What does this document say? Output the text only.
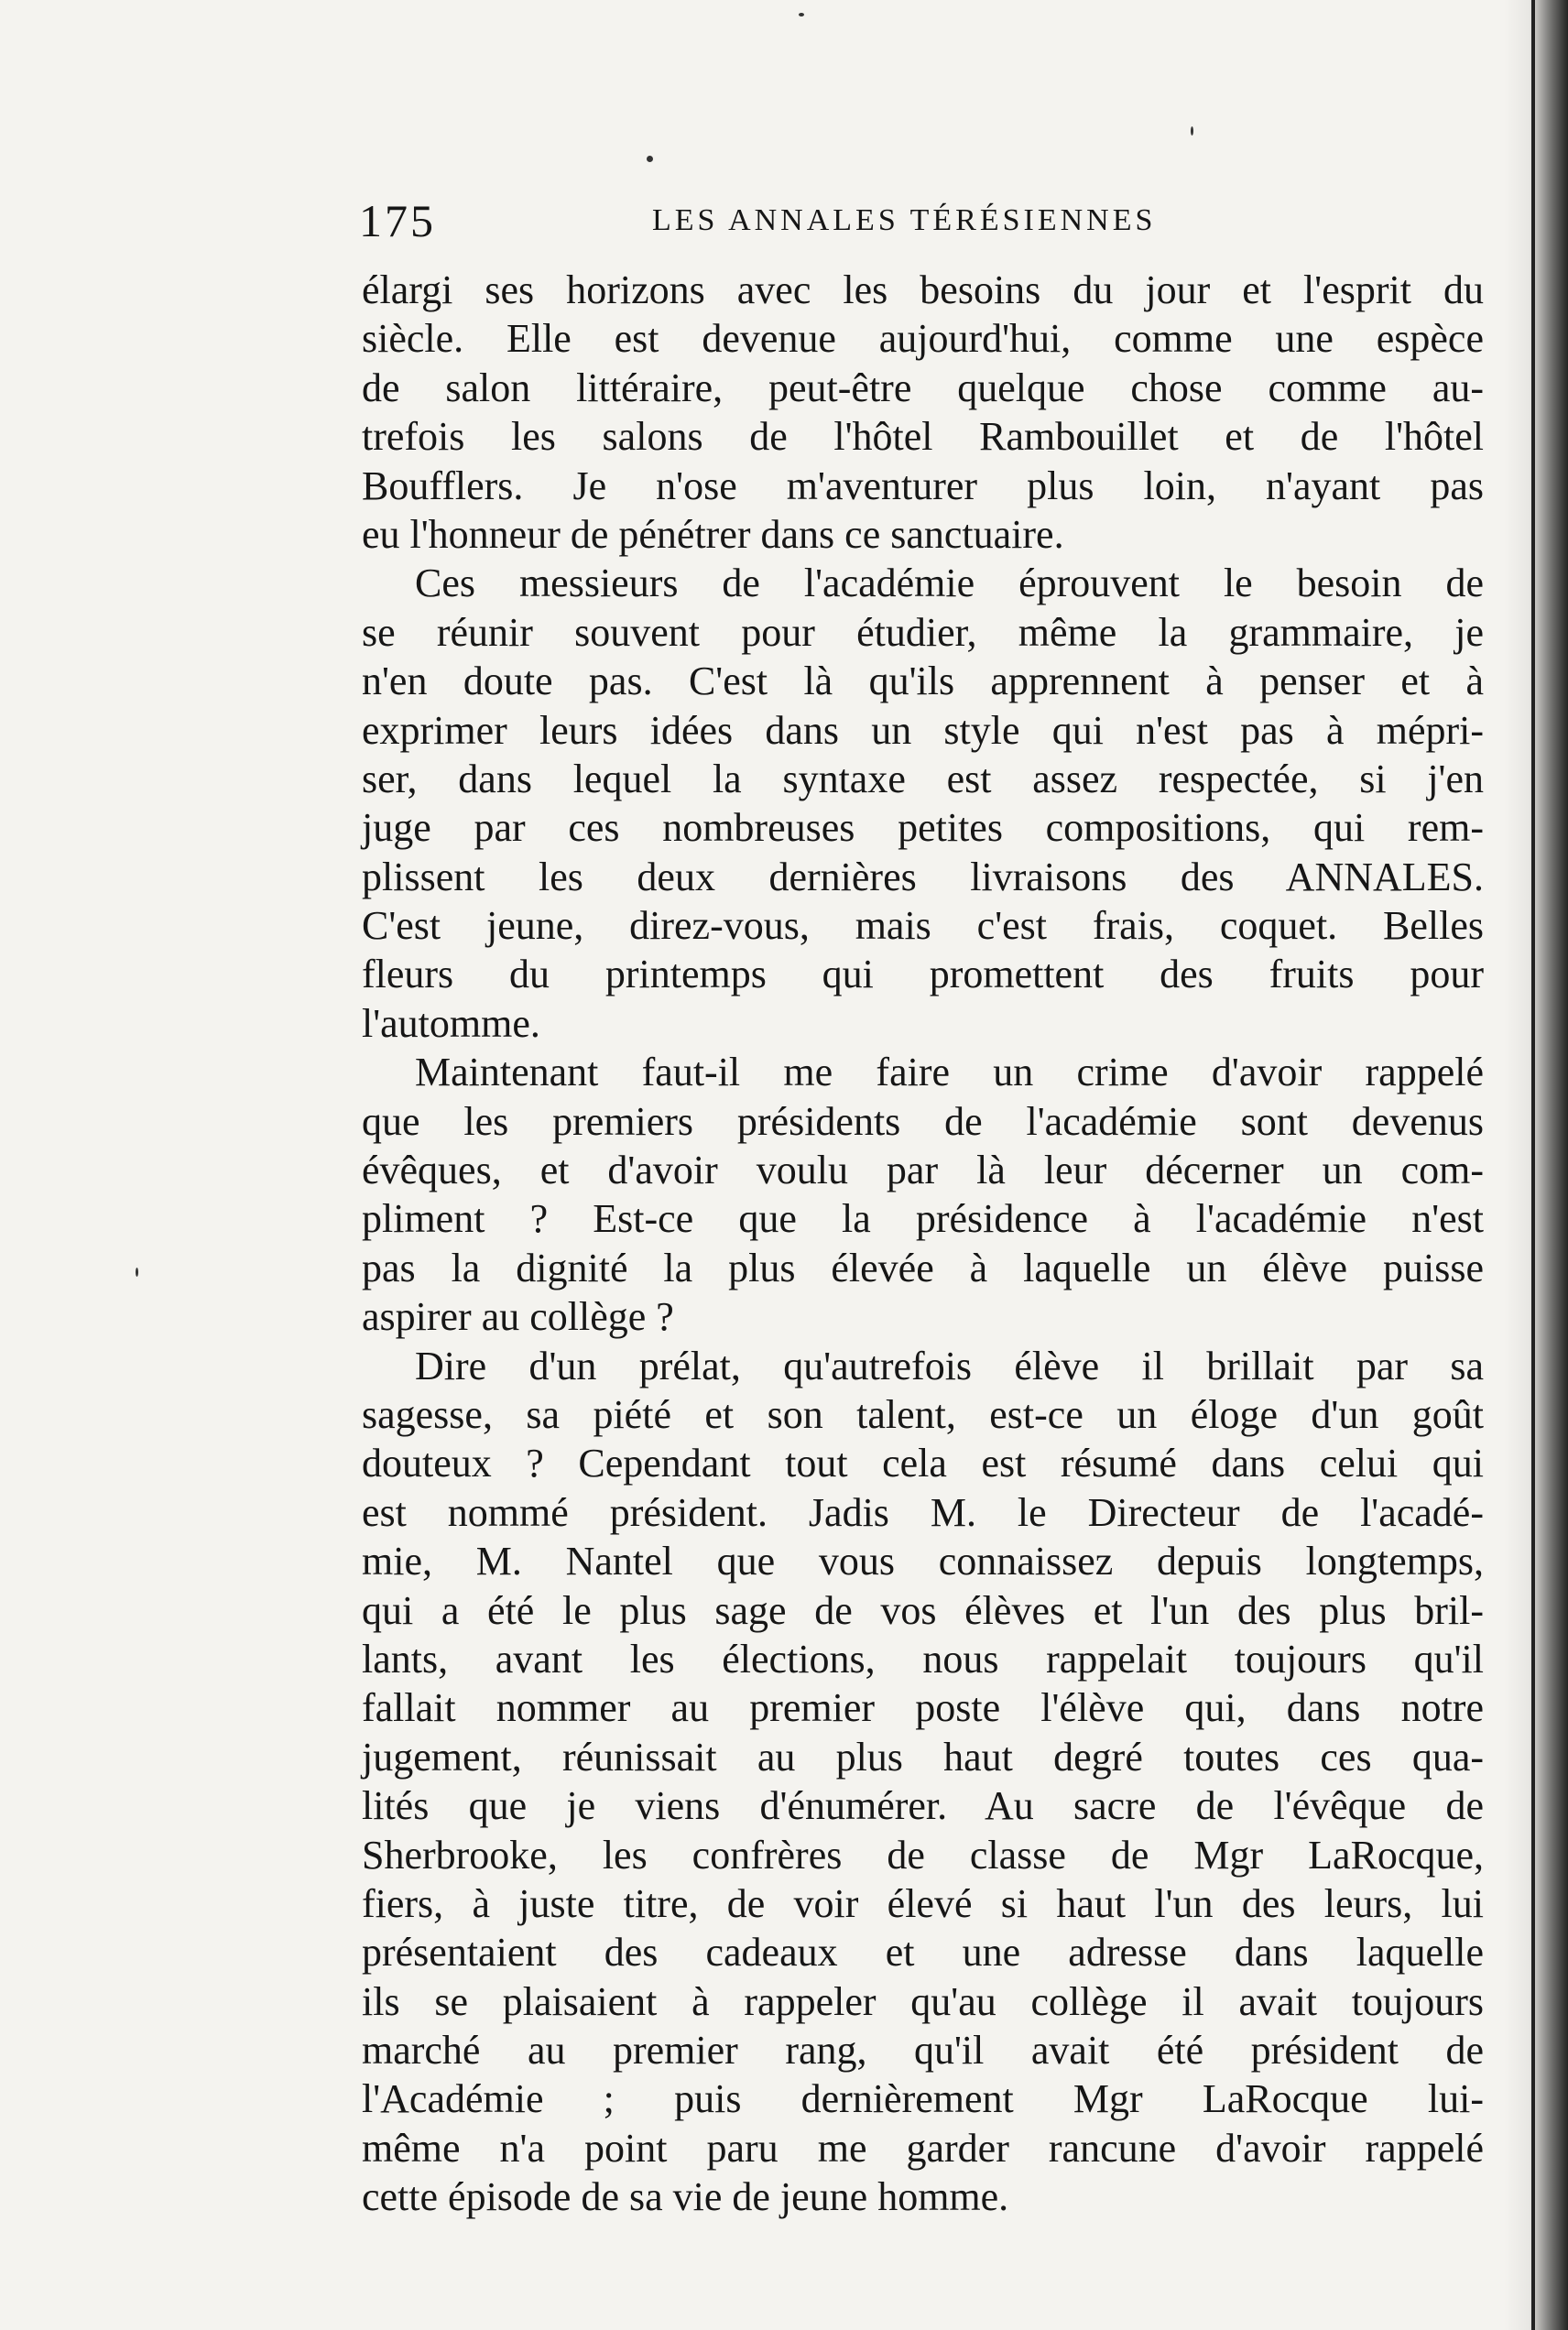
175	LES ANNALES TÉRÉSIENNES
élargi ses horizons avec les besoins du jour et l'esprit du
siècle. Elle est devenue aujourd'hui, comme une espèce
de salon littéraire, peut-être quelque chose comme au-
trefois les salons de l'hôtel Rambouillet et de l'hôtel
Boufflers. Je n'ose m'aventurer plus loin, n'ayant pas
eu l'honneur de pénétrer dans ce sanctuaire.
Ces messieurs de l'académie éprouvent le besoin de
se réunir souvent pour étudier, même la grammaire, je
n'en doute pas. C'est là qu'ils apprennent à penser et à
exprimer leurs idées dans un style qui n'est pas à mépri-
ser, dans lequel la syntaxe est assez respectée, si j'en
juge par ces nombreuses petites compositions, qui rem-
plissent les deux dernières livraisons des ANNALES.
C'est jeune, direz-vous, mais c'est frais, coquet. Belles
fleurs du printemps qui promettent des fruits pour
l'automme.
Maintenant faut-il me faire un crime d'avoir rappelé
que les premiers présidents de l'académie sont devenus
évêques, et d'avoir voulu par là leur décerner un com-
pliment ? Est-ce que la présidence à l'académie n'est
pas la dignité la plus élevée à laquelle un élève puisse
aspirer au collège ?
Dire d'un prélat, qu'autrefois élève il brillait par sa
sagesse, sa piété et son talent, est-ce un éloge d'un goût
douteux ? Cependant tout cela est résumé dans celui qui
est nommé président. Jadis M. le Directeur de l'acadé-
mie, M. Nantel que vous connaissez depuis longtemps,
qui a été le plus sage de vos élèves et l'un des plus bril-
lants, avant les élections, nous rappelait toujours qu'il
fallait nommer au premier poste l'élève qui, dans notre
jugement, réunissait au plus haut degré toutes ces qua-
lités que je viens d'énumérer. Au sacre de l'évêque de
Sherbrooke, les confrères de classe de Mgr LaRocque,
fiers, à juste titre, de voir élevé si haut l'un des leurs, lui
présentaient des cadeaux et une adresse dans laquelle
ils se plaisaient à rappeler qu'au collège il avait toujours
marché au premier rang, qu'il avait été président de
l'Académie ; puis dernièrement Mgr LaRocque lui-
même n'a point paru me garder rancune d'avoir rappelé
cette épisode de sa vie de jeune homme.
